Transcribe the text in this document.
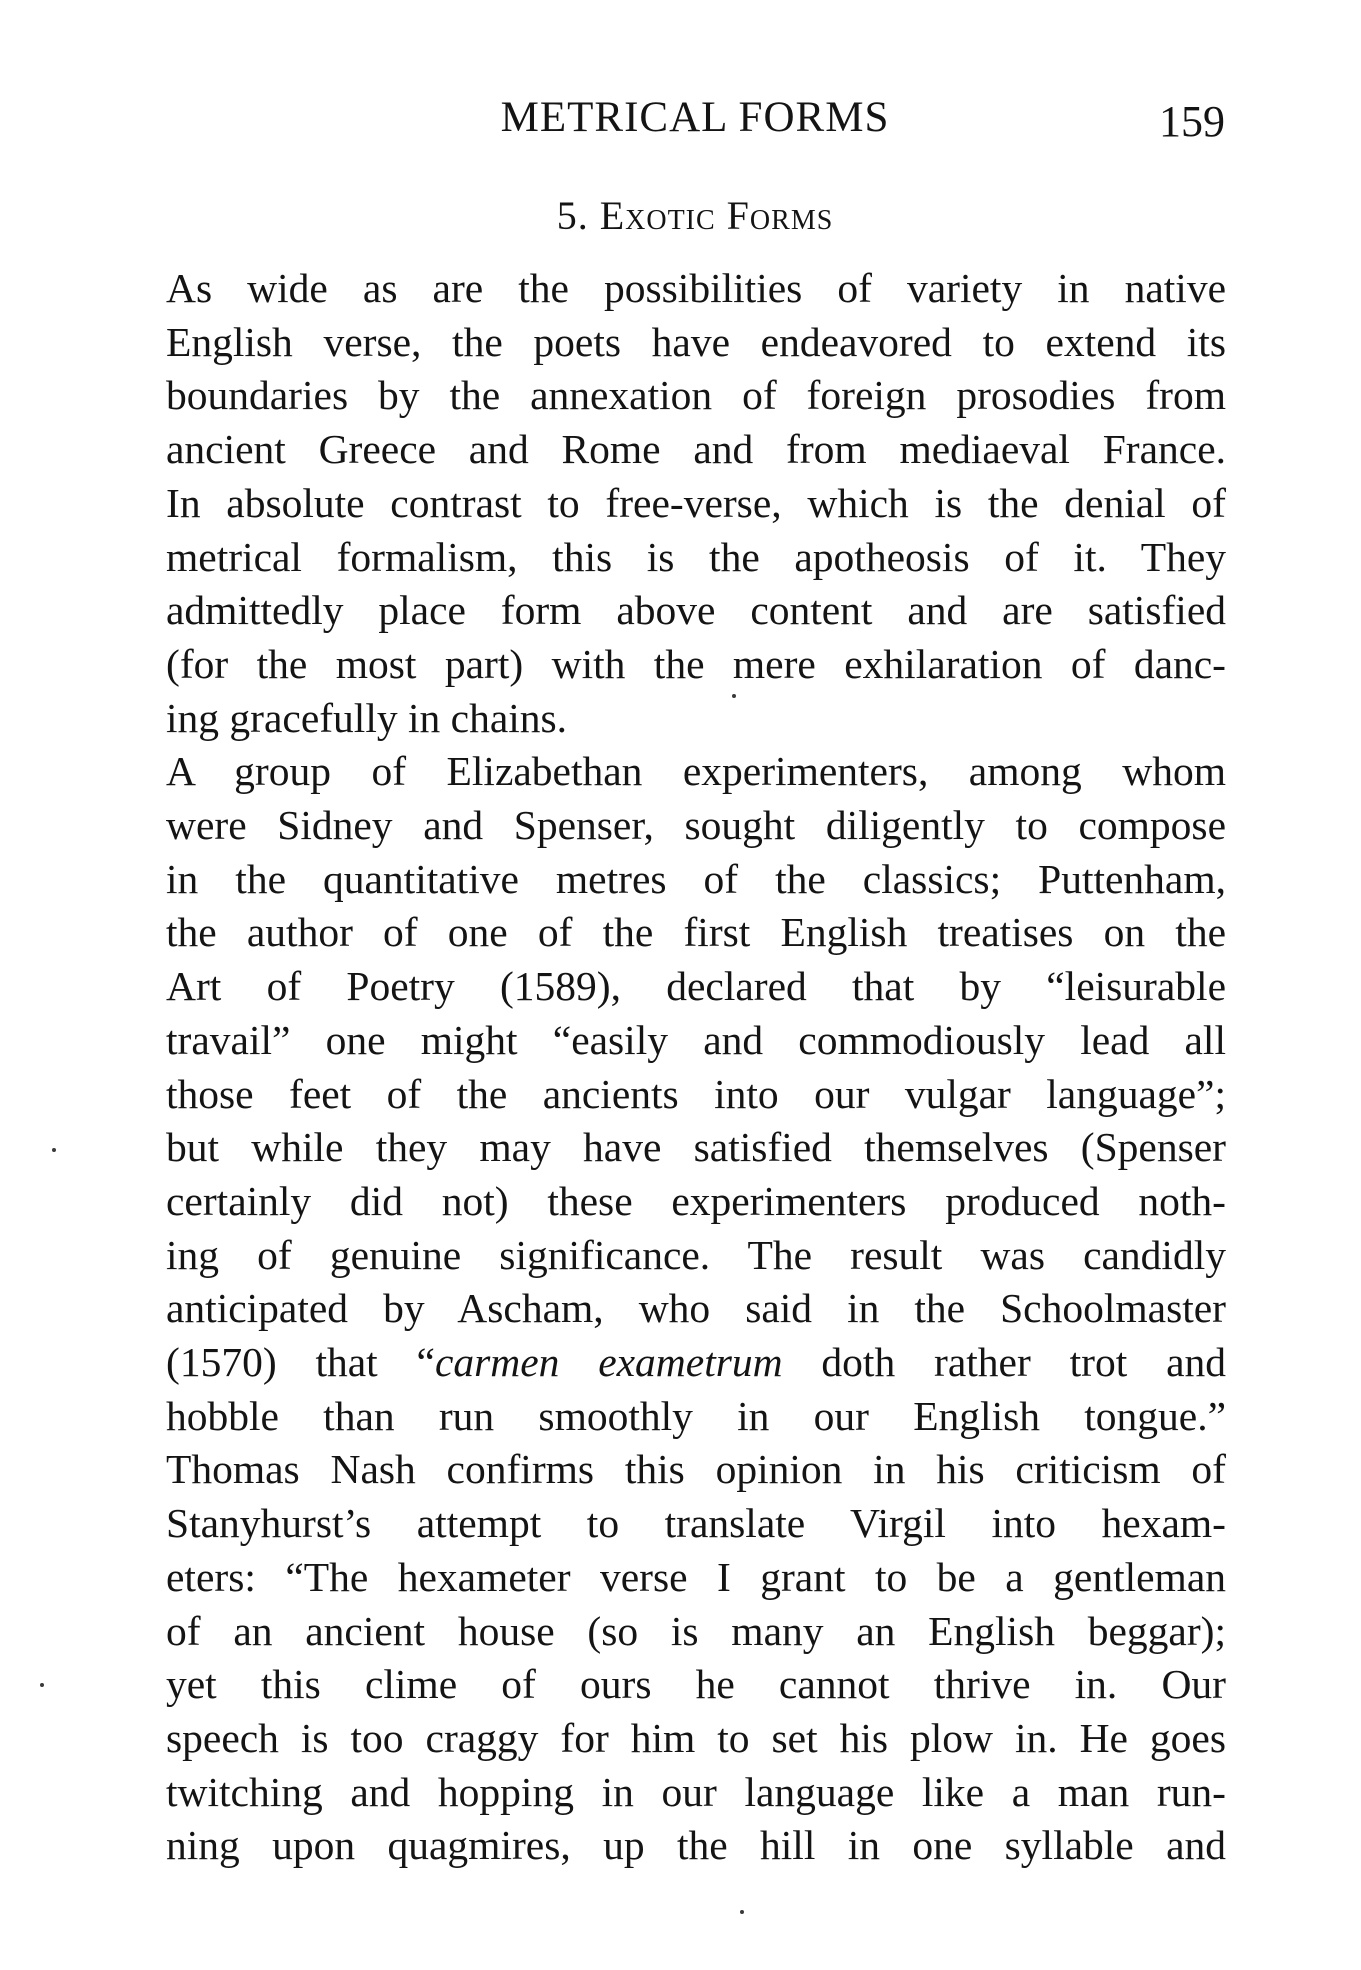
METRICAL FORMS	159
5. Exotic Forms
As wide as are the possibilities of variety in native
English verse, the poets have endeavored to extend its
boundaries by the annexation of foreign prosodies from
ancient Greece and Rome and from mediaeval France.
In absolute contrast to free-verse, which is the denial of
metrical formalism, this is the apotheosis of it. They
admittedly place form above content and are satisfied
(for the most part) with the mere exhilaration of danc-
ing gracefully in chains.
A group of Elizabethan experimenters, among whom
were Sidney and Spenser, sought diligently to compose
in the quantitative metres of the classics; Puttenham,
the author of one of the first English treatises on the
Art of Poetry (1589), declared that by “leisurable
travail” one might “easily and commodiously lead all
those feet of the ancients into our vulgar language”;
but while they may have satisfied themselves (Spenser
certainly did not) these experimenters produced noth-
ing of genuine significance. The result was candidly
anticipated by Ascham, who said in the Schoolmaster
(1570) that “carmen exametrum doth rather trot and
hobble than run smoothly in our English tongue.”
Thomas Nash confirms this opinion in his criticism of
Stanyhurst’s attempt to translate Virgil into hexam-
eters: “The hexameter verse I grant to be a gentleman
of an ancient house (so is many an English beggar);
yet this clime of ours he cannot thrive in. Our
speech is too craggy for him to set his plow in. He goes
twitching and hopping in our language like a man run-
ning upon quagmires, up the hill in one syllable and
